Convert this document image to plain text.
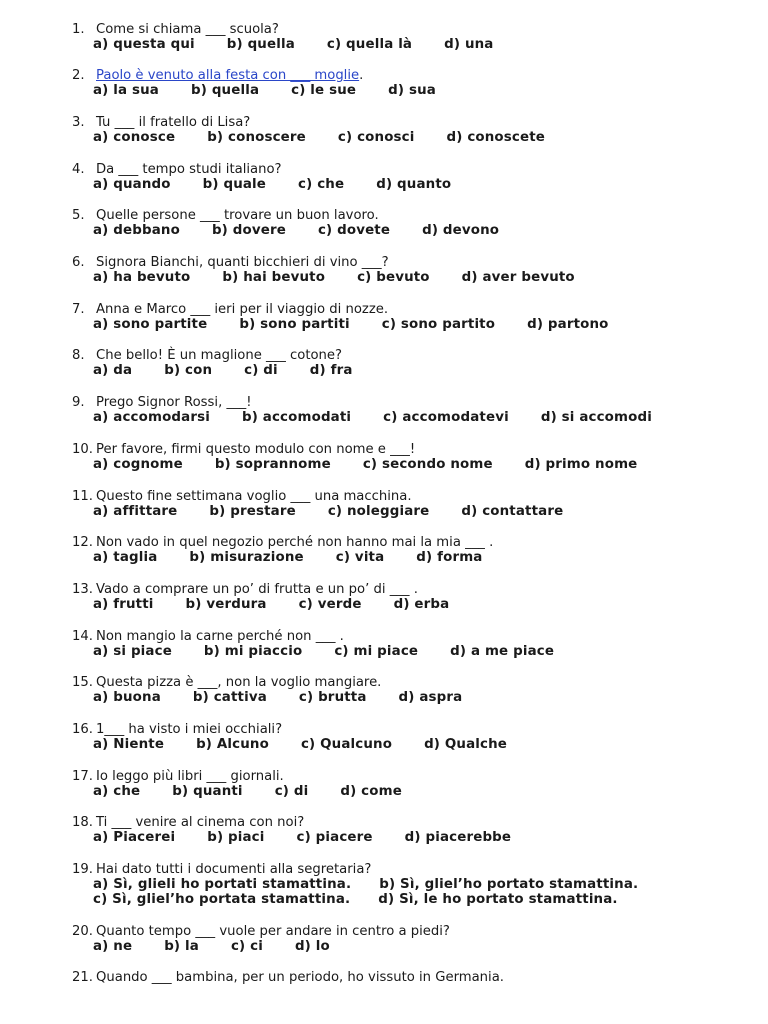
1. Come si chiama ___ scuola?
a) questa qui b) quella c) quella là d) una
2. Paolo è venuto alla festa con ___ moglie.
a) la sua b) quella c) le sue d) sua
3. Tu ___ il fratello di Lisa?
a) conosce b) conoscere c) conosci d) conoscete
4. Da ___ tempo studi italiano?
a) quando b) quale c) che d) quanto
5. Quelle persone ___ trovare un buon lavoro.
a) debbano b) dovere c) dovete d) devono
6. Signora Bianchi, quanti bicchieri di vino ___?
a) ha bevuto b) hai bevuto c) bevuto d) aver bevuto
7. Anna e Marco ___ ieri per il viaggio di nozze.
a) sono partite b) sono partiti c) sono partito d) partono
8. Che bello! È un maglione ___ cotone?
a) da b) con c) di d) fra
9. Prego Signor Rossi, ___!
a) accomodarsi b) accomodati c) accomodatevi d) si accomodi
10. Per favore, firmi questo modulo con nome e ___!
a) cognome b) soprannome c) secondo nome d) primo nome
11. Questo fine settimana voglio ___ una macchina.
a) affittare b) prestare c) noleggiare d) contattare
12. Non vado in quel negozio perché non hanno mai la mia ___ .
a) taglia b) misurazione c) vita d) forma
13. Vado a comprare un po’ di frutta e un po’ di ___ .
a) frutti b) verdura c) verde d) erba
14. Non mangio la carne perché non ___ .
a) si piace b) mi piaccio c) mi piace d) a me piace
15. Questa pizza è ___, non la voglio mangiare.
a) buona b) cattiva c) brutta d) aspra
16. 1___ ha visto i miei occhiali?
a) Niente b) Alcuno c) Qualcuno d) Qualche
17. Io leggo più libri ___ giornali.
a) che b) quanti c) di d) come
18. Ti ___ venire al cinema con noi?
a) Piacerei b) piaci c) piacere d) piacerebbe
19. Hai dato tutti i documenti alla segretaria?
a) Sì, glieli ho portati stamattina. b) Sì, gliel’ho portato stamattina.
c) Sì, gliel’ho portata stamattina. d) Sì, le ho portato stamattina.
20. Quanto tempo ___ vuole per andare in centro a piedi?
a) ne b) la c) ci d) lo
21. Quando ___ bambina, per un periodo, ho vissuto in Germania.
